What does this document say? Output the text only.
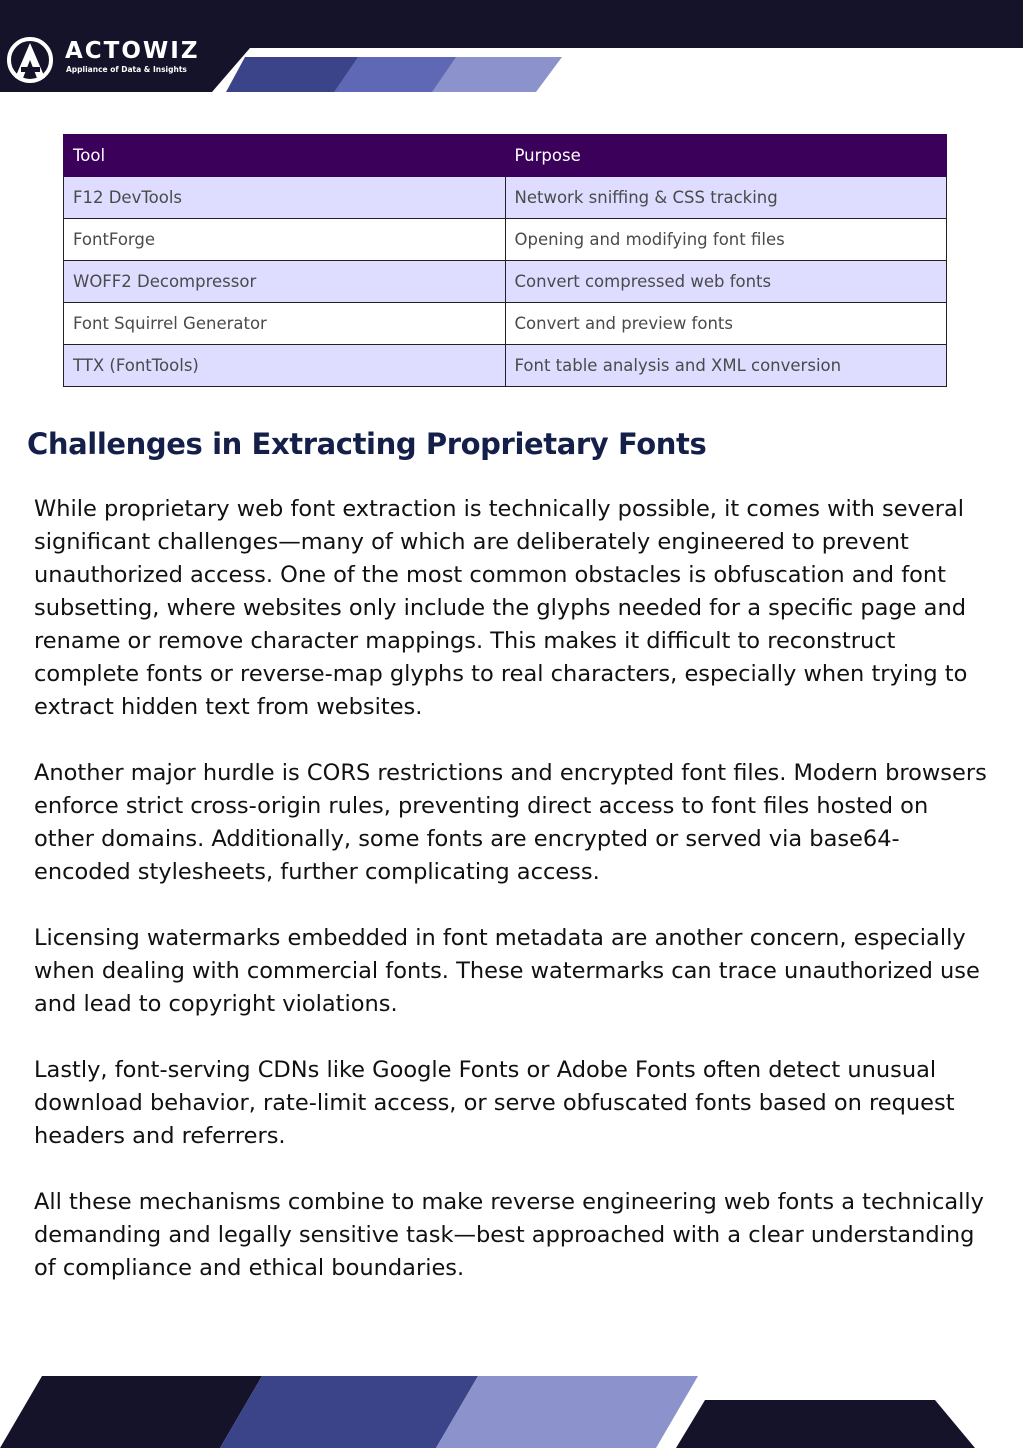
ACTOWIZ
Appliance of Data & Insights
Tool	Purpose
F12 DevTools	Network sniffing & CSS tracking
FontForge	Opening and modifying font files
WOFF2 Decompressor	Convert compressed web fonts
Font Squirrel Generator	Convert and preview fonts
TTX (FontTools)	Font table analysis and XML conversion
Challenges in Extracting Proprietary Fonts

While proprietary web font extraction is technically possible, it comes with several significant challenges—many of which are deliberately engineered to prevent unauthorized access. One of the most common obstacles is obfuscation and font subsetting, where websites only include the glyphs needed for a specific page and rename or remove character mappings. This makes it difficult to reconstruct complete fonts or reverse-map glyphs to real characters, especially when trying to extract hidden text from websites.

Another major hurdle is CORS restrictions and encrypted font files. Modern browsers enforce strict cross-origin rules, preventing direct access to font files hosted on other domains. Additionally, some fonts are encrypted or served via base64-encoded stylesheets, further complicating access.

Licensing watermarks embedded in font metadata are another concern, especially when dealing with commercial fonts. These watermarks can trace unauthorized use and lead to copyright violations.

Lastly, font-serving CDNs like Google Fonts or Adobe Fonts often detect unusual download behavior, rate-limit access, or serve obfuscated fonts based on request headers and referrers.

All these mechanisms combine to make reverse engineering web fonts a technically demanding and legally sensitive task—best approached with a clear understanding of compliance and ethical boundaries.
